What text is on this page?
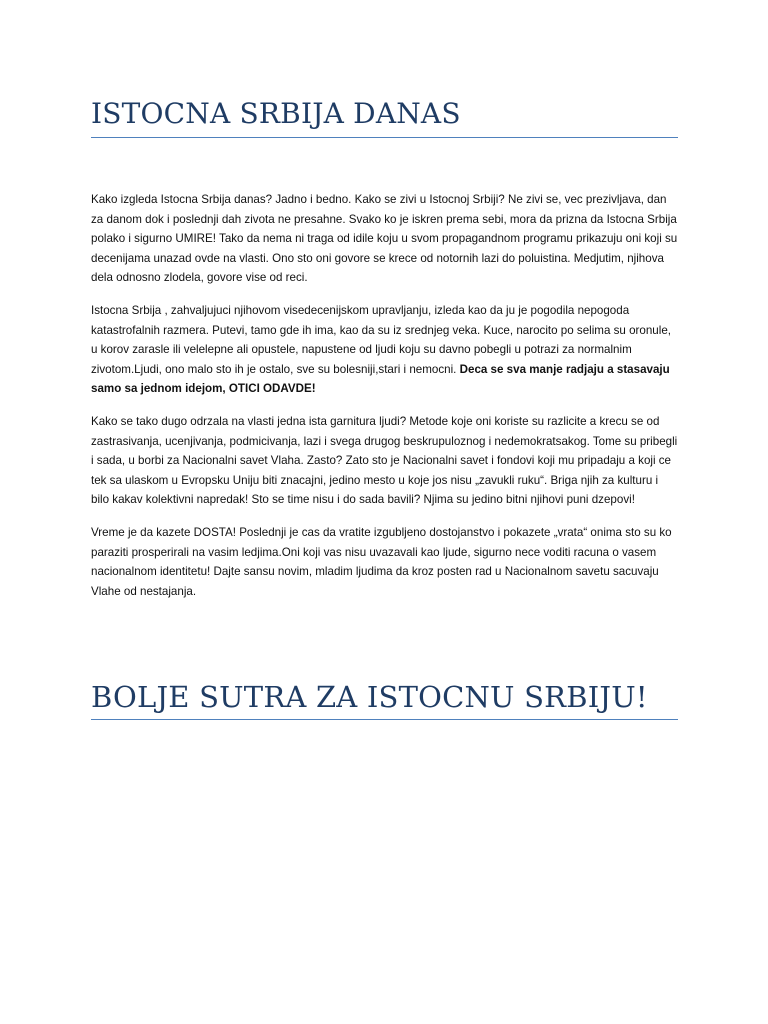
ISTOCNA SRBIJA DANAS

Kako izgleda Istocna Srbija danas? Jadno i bedno. Kako se zivi u Istocnoj Srbiji? Ne zivi se, vec prezivljava, dan za danom dok i poslednji dah zivota ne presahne. Svako ko je iskren prema sebi, mora da prizna da Istocna Srbija polako i sigurno UMIRE! Tako da nema ni traga od idile koju u svom propagandnom programu prikazuju oni koji su decenijama unazad ovde na vlasti. Ono sto oni govore se krece od notornih lazi do poluistina. Medjutim, njihova dela odnosno zlodela, govore vise od reci.

Istocna Srbija , zahvaljujuci njihovom visedecenijskom upravljanju, izleda kao da ju je pogodila nepogoda katastrofalnih razmera. Putevi, tamo gde ih ima, kao da su iz srednjeg veka. Kuce, narocito po selima su oronule, u korov zarasle ili velelepne ali opustele, napustene od ljudi koju su davno pobegli u potrazi za normalnim zivotom.Ljudi, ono malo sto ih je ostalo, sve su bolesniji,stari i nemocni. Deca se sva manje radjaju a stasavaju samo sa jednom idejom, OTICI ODAVDE!

Kako se tako dugo odrzala na vlasti jedna ista garnitura ljudi? Metode koje oni koriste su razlicite a krecu se od zastrasivanja, ucenjivanja, podmicivanja, lazi i svega drugog beskrupuloznog i nedemokratsakog. Tome su pribegli i sada, u borbi za Nacionalni savet Vlaha. Zasto? Zato sto je Nacionalni savet i fondovi koji mu pripadaju a koji ce tek sa ulaskom u Evropsku Uniju biti znacajni, jedino mesto u koje jos nisu „zavukli ruku“. Briga njih za kulturu i bilo kakav kolektivni napredak! Sto se time nisu i do sada bavili? Njima su jedino bitni njihovi puni dzepovi!

Vreme je da kazete DOSTA! Poslednji je cas da vratite izgubljeno dostojanstvo i pokazete „vrata“ onima sto su ko paraziti prosperirali na vasim ledjima.Oni koji vas nisu uvazavali kao ljude, sigurno nece voditi racuna o vasem nacionalnom identitetu! Dajte sansu novim, mladim ljudima da kroz posten rad u Nacionalnom savetu sacuvaju Vlahe od nestajanja.

BOLJE SUTRA ZA ISTOCNU SRBIJU!
